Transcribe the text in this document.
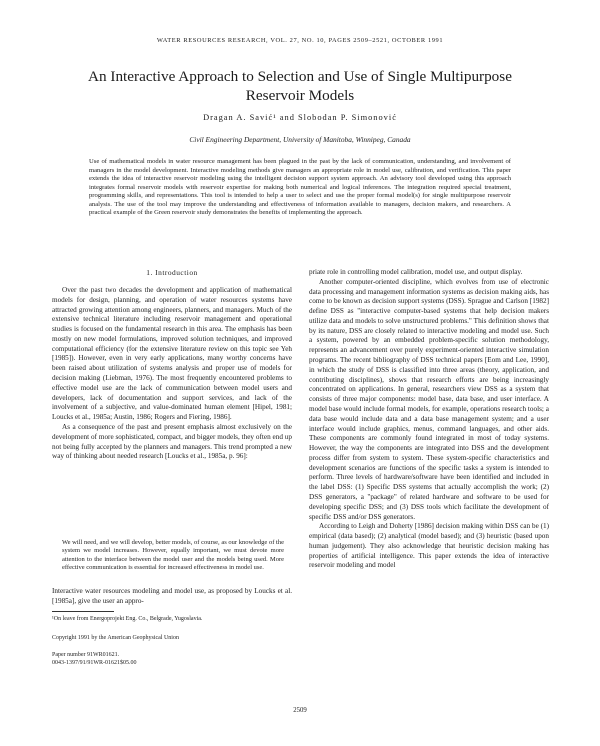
WATER RESOURCES RESEARCH, VOL. 27, NO. 10, PAGES 2509–2521, OCTOBER 1991
An Interactive Approach to Selection and Use of Single Multipurpose
Reservoir Models
Dragan A. Savić¹ and Slobodan P. Simonović
Civil Engineering Department, University of Manitoba, Winnipeg, Canada

Use of mathematical models in water resource management has been plagued in the past by the lack of communication, understanding, and involvement of managers in the model development. Interactive modeling methods give managers an appropriate role in model use, calibration, and verification. This paper extends the idea of interactive reservoir modeling using the intelligent decision support system approach. An advisory tool developed using this approach integrates formal reservoir models with reservoir expertise for making both numerical and logical inferences. The integration required special treatment, programming skills, and representations. This tool is intended to help a user to select and use the proper formal model(s) for single multipurpose reservoir analysis. The use of the tool may improve the understanding and effectiveness of information available to managers, decision makers, and researchers. A practical example of the Green reservoir study demonstrates the benefits of implementing the approach.

1. Introduction

Over the past two decades the development and application of mathematical models for design, planning, and operation of water resources systems have attracted growing attention among engineers, planners, and managers. Much of the extensive technical literature including reservoir management and operational studies is focused on the fundamental research in this area. The emphasis has been mostly on new model formulations, improved solution techniques, and improved computational efficiency (for the extensive literature review on this topic see Yeh [1985]). However, even in very early applications, many worthy concerns have been raised about utilization of systems analysis and proper use of models for decision making (Liebman, 1976). The most frequently encountered problems to effective model use are the lack of communication between model users and developers, lack of documentation and support services, and lack of the involvement of a subjective, and value-dominated human element [Hipel, 1981; Loucks et al., 1985a; Austin, 1986; Rogers and Fiering, 1986].

As a consequence of the past and present emphasis almost exclusively on the development of more sophisticated, compact, and bigger models, they often end up not being fully accepted by the planners and managers. This trend prompted a new way of thinking about needed research [Loucks et al., 1985a, p. 96]:

We will need, and we will develop, better models, of course, as our knowledge of the system we model increases. However, equally important, we must devote more attention to the interface between the model user and the models being used. More effective communication is essential for increased effectiveness in model use.

Interactive water resources modeling and model use, as proposed by Loucks et al. [1985a], give the user an appro-

¹On leave from Energoprojekt Eng. Co., Belgrade, Yugoslavia.
Copyright 1991 by the American Geophysical Union
Paper number 91WR01621.
0043-1397/91/91WR-01621$05.00

priate role in controlling model calibration, model use, and output display.

Another computer-oriented discipline, which evolves from use of electronic data processing and management information systems as decision making aids, has come to be known as decision support systems (DSS). Sprague and Carlson [1982] define DSS as "interactive computer-based systems that help decision makers utilize data and models to solve unstructured problems." This definition shows that by its nature, DSS are closely related to interactive modeling and model use. Such a system, powered by an embedded problem-specific solution methodology, represents an advancement over purely experiment-oriented interactive simulation programs. The recent bibliography of DSS technical papers [Eom and Lee, 1990], in which the study of DSS is classified into three areas (theory, application, and contributing disciplines), shows that research efforts are being increasingly concentrated on applications. In general, researchers view DSS as a system that consists of three major components: model base, data base, and user interface. A model base would include formal models, for example, operations research tools; a data base would include data and a data base management system; and a user interface would include graphics, menus, command languages, and other aids. These components are commonly found integrated in most of today systems. However, the way the components are integrated into DSS and the development process differ from system to system. These system-specific characteristics and development scenarios are functions of the specific tasks a system is intended to perform. Three levels of hardware/software have been identified and included in the label DSS: (1) Specific DSS systems that actually accomplish the work; (2) DSS generators, a "package" of related hardware and software to be used for developing specific DSS; and (3) DSS tools which facilitate the development of specific DSS and/or DSS generators.

According to Leigh and Doherty [1986] decision making within DSS can be (1) empirical (data based); (2) analytical (model based); and (3) heuristic (based upon human judgement). They also acknowledge that heuristic decision making has properties of artificial intelligence. This paper extends the idea of interactive reservoir modeling and model

2509
